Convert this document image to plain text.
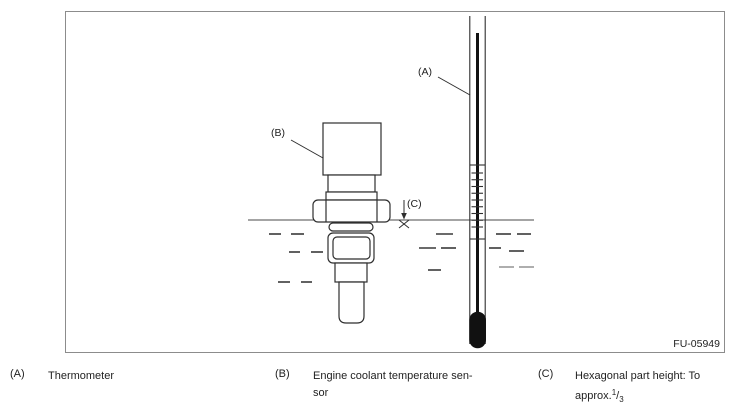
(A)
(B)
(C)
FU-05949
(A) Thermometer	(B) Engine coolant temperature sen-
sor
(C) Hexagonal part height: To
$approx.^1/_3$
